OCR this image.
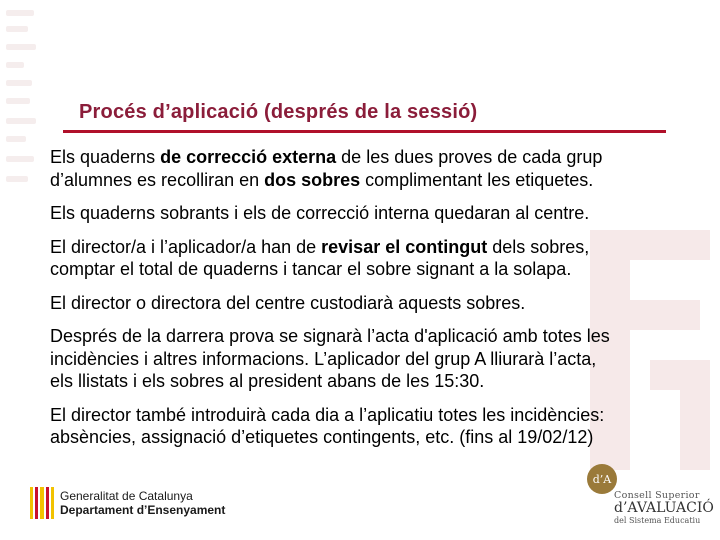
Procés d’aplicació (després de la sessió)
Els quaderns de correcció externa de les dues proves de cada grup
d’alumnes es recolliran en dos sobres complimentant les etiquetes.
Els quaderns sobrants i els de correcció interna quedaran al centre.
El director/a i l’aplicador/a han de revisar el contingut dels sobres,
comptar el total de quaderns i tancar el sobre signant a la solapa.
El director o directora del centre custodiarà aquests sobres.
Després de la darrera prova se signarà l’acta d'aplicació amb totes les
incidències i altres informacions. L’aplicador del grup A lliurarà l’acta,
els llistats i els sobres al president abans de les 15:30.
El director també introduirà cada dia a l’aplicatiu totes les incidències:
absències, assignació d’etiquetes contingents, etc. (fins al 19/02/12)
Generalitat de Catalunya
Departament d’Ensenyament
d’A
Consell Superior
d’AVALUACIÓ
del Sistema Educatiu
